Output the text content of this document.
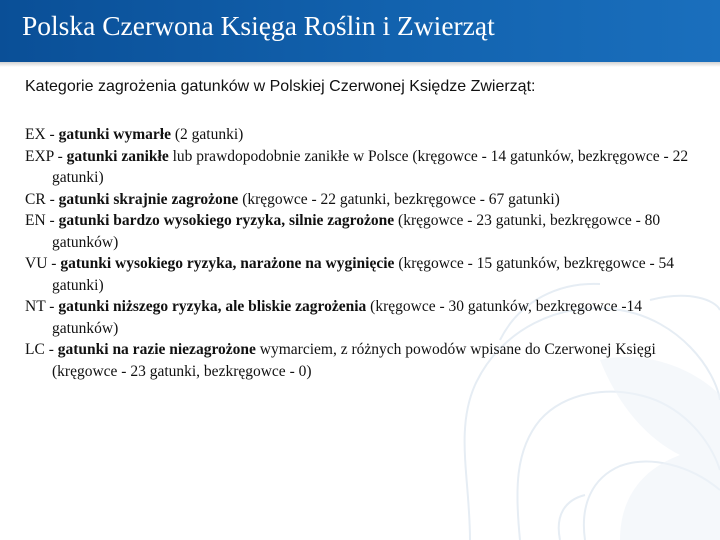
Polska Czerwona Księga Roślin i Zwierząt

Kategorie zagrożenia gatunków w Polskiej Czerwonej Księdze Zwierząt:

EX - gatunki wymarłe (2 gatunki)
EXP - gatunki zanikłe lub prawdopodobnie zanikłe w Polsce (kręgowce - 14 gatunków, bezkręgowce - 22 gatunki)
CR - gatunki skrajnie zagrożone (kręgowce - 22 gatunki, bezkręgowce - 67 gatunki)
EN - gatunki bardzo wysokiego ryzyka, silnie zagrożone (kręgowce - 23 gatunki, bezkręgowce - 80 gatunków)
VU - gatunki wysokiego ryzyka, narażone na wyginięcie (kręgowce - 15 gatunków, bezkręgowce - 54 gatunki)
NT - gatunki niższego ryzyka, ale bliskie zagrożenia (kręgowce - 30 gatunków, bezkręgowce -14 gatunków)
LC - gatunki na razie niezagrożone wymarciem, z różnych powodów wpisane do Czerwonej Księgi (kręgowce - 23 gatunki, bezkręgowce - 0)
